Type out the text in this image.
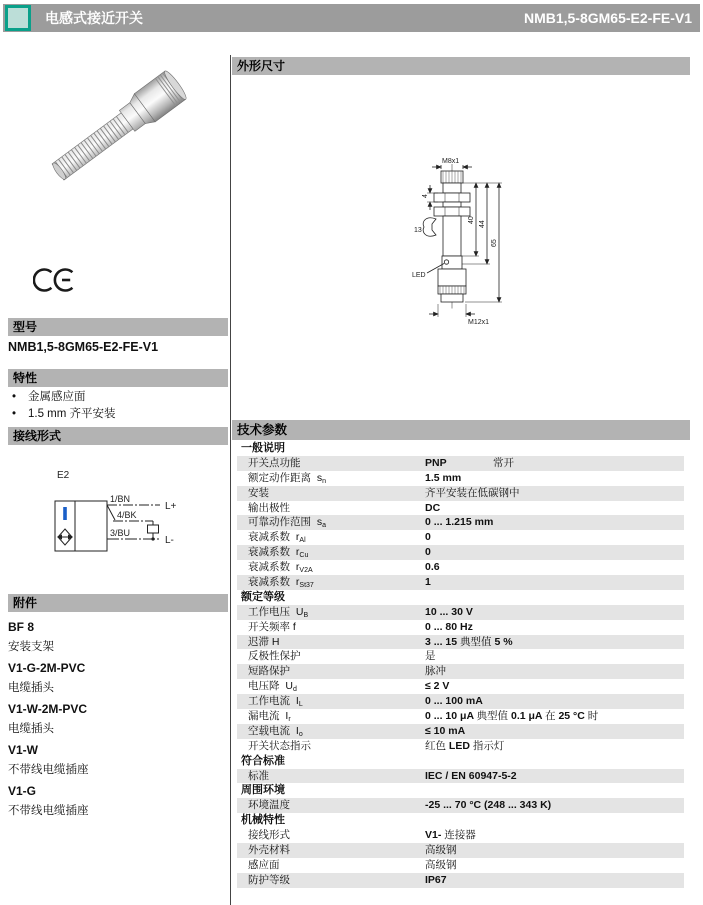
电感式接近开关	NMB1,5-8GM65-E2-FE-V1
型号
NMB1,5-8GM65-E2-FE-V1
特性
• 金属感应面
• 1.5 mm 齐平安装
接线形式
E2
1/BN
4/BK
3/BU
L+
L-
附件
BF 8
安装支架
V1-G-2M-PVC
电缆插头
V1-W-2M-PVC
电缆插头
V1-W
不带线电缆插座
V1-G
不带线电缆插座
外形尺寸
M8x1
4
13
LED
M12x1
40
44
65
技术参数
一般说明
开关点功能	PNP	常开
额定动作距离 $s_n$	1.5 mm
安装	齐平安装在低碳钢中
输出极性	DC
可靠动作范围 $s_a$	0 ... 1.215 mm
衰减系数 $r_{Al}$	0
衰减系数 $r_{Cu}$	0
衰减系数 $r_{V2A}$	0.6
衰减系数 $r_{St37}$	1
额定等级
工作电压 $U_B$	10 ... 30 V
开关频率 f	0 ... 80 Hz
迟滞 H	3 ... 15 典型值 5 %
反极性保护	是
短路保护	脉冲
电压降 $U_d$	≤ 2 V
工作电流 $I_L$	0 ... 100 mA
漏电流 $I_r$	0 ... 10 μA 典型值 0.1 μA 在 25 °C 时
空载电流 $I_o$	≤ 10 mA
开关状态指示	红色 LED 指示灯
符合标准
标准	IEC / EN 60947-5-2
周围环境
环境温度	-25 ... 70 °C (248 ... 343 K)
机械特性
接线形式	V1- 连接器
外壳材料	高级钢
感应面	高级钢
防护等级	IP67
